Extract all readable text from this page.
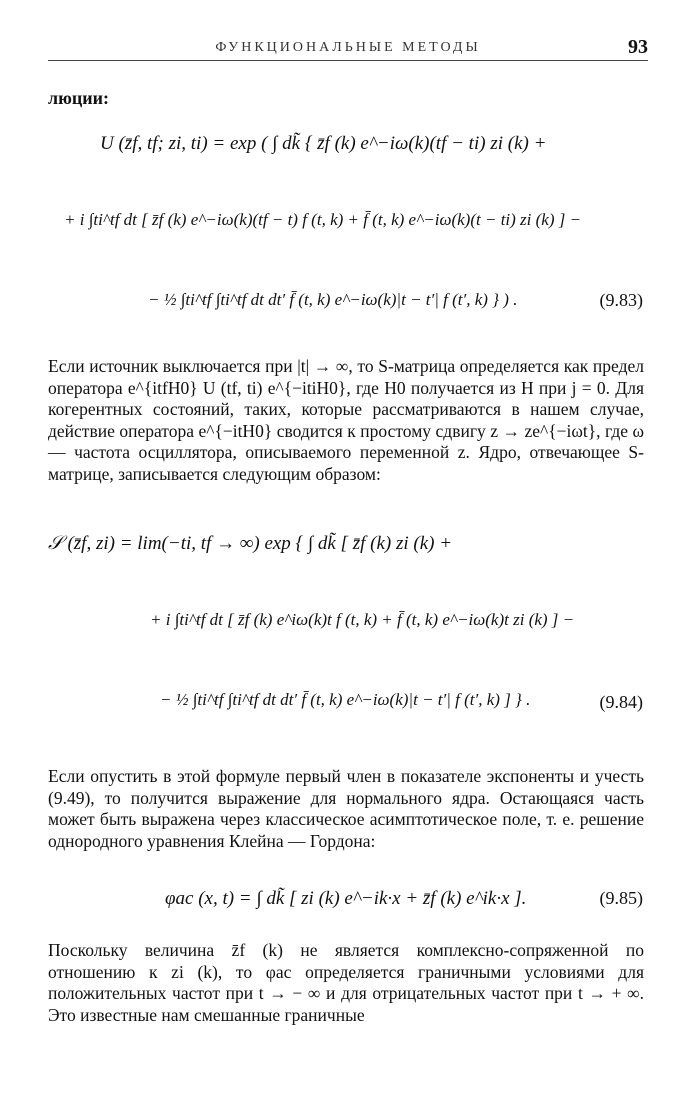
ФУНКЦИОНАЛЬНЫЕ МЕТОДЫ	93
люции:
U (z̄f, tf; zi, ti) = exp ( ∫ dk̃ { z̄f (k) e^−iω(k)(tf − ti) zi (k) +
+ i ∫ti^tf dt [ z̄f (k) e^−iω(k)(tf − t) f (t, k) + f̄ (t, k) e^−iω(k)(t − ti) zi (k) ] −
− ½ ∫ti^tf ∫ti^tf dt dt′ f̄ (t, k) e^−iω(k)|t − t′| f (t′, k) } ) .	(9.83)

Если источник выключается при |t| → ∞, то S-матрица определяется как предел оператора e^{itfH0} U (tf, ti) e^{−itiH0}, где H0 получается из H при j = 0. Для когерентных состояний, таких, которые рассматриваются в нашем случае, действие оператора e^{−itH0} сводится к простому сдвигу z → ze^{−iωt}, где ω — частота осциллятора, описываемого переменной z. Ядро, отвечающее S-матрице, записывается следующим образом:

𝒮 (z̄f, zi) = lim(−ti, tf → ∞) exp { ∫ dk̃ [ z̄f (k) zi (k) +
+ i ∫ti^tf dt [ z̄f (k) e^iω(k)t f (t, k) + f̄ (t, k) e^−iω(k)t zi (k) ] −
− ½ ∫ti^tf ∫ti^tf dt dt′ f̄ (t, k) e^−iω(k)|t − t′| f (t′, k) ] } .	(9.84)

Если опустить в этой формуле первый член в показателе экспоненты и учесть (9.49), то получится выражение для нормального ядра. Остающаяся часть может быть выражена через классическое асимптотическое поле, т. е. решение однородного уравнения Клейна — Гордона:

φас (x, t) = ∫ dk̃ [ zi (k) e^−ik·x + z̄f (k) e^ik·x ].	(9.85)

Поскольку величина z̄f (k) не является комплексно-сопряженной по отношению к zi (k), то φас определяется граничными условиями для положительных частот при t → − ∞ и для отрицательных частот при t → + ∞. Это известные нам смешанные граничные
